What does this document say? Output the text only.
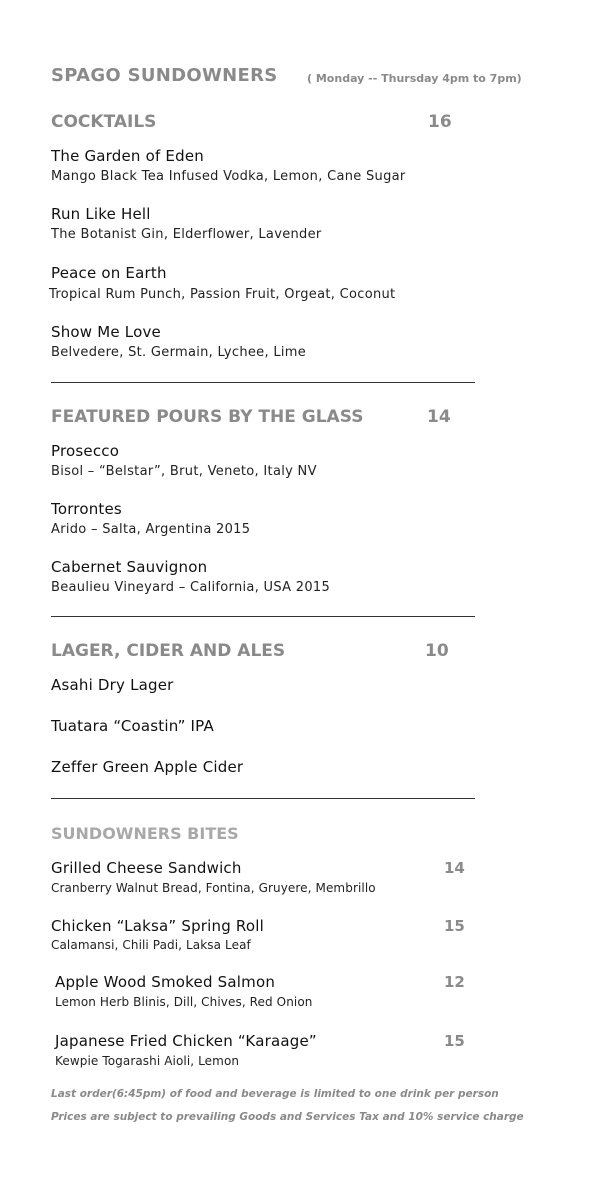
SPAGO SUNDOWNERS	( Monday -- Thursday 4pm to 7pm)
COCKTAILS	16
The Garden of Eden
Mango Black Tea Infused Vodka, Lemon, Cane Sugar
Run Like Hell
The Botanist Gin, Elderflower, Lavender
Peace on Earth
Tropical Rum Punch, Passion Fruit, Orgeat, Coconut
Show Me Love
Belvedere, St. Germain, Lychee, Lime
FEATURED POURS BY THE GLASS	14
Prosecco
Bisol – “Belstar”, Brut, Veneto, Italy NV
Torrontes
Arido – Salta, Argentina 2015
Cabernet Sauvignon
Beaulieu Vineyard – California, USA 2015
LAGER, CIDER AND ALES	10
Asahi Dry Lager
Tuatara “Coastin” IPA
Zeffer Green Apple Cider
SUNDOWNERS BITES
Grilled Cheese Sandwich	14
Cranberry Walnut Bread, Fontina, Gruyere, Membrillo
Chicken “Laksa” Spring Roll	15
Calamansi, Chili Padi, Laksa Leaf
Apple Wood Smoked Salmon	12
Lemon Herb Blinis, Dill, Chives, Red Onion
Japanese Fried Chicken “Karaage”	15
Kewpie Togarashi Aioli, Lemon
Last order(6:45pm) of food and beverage is limited to one drink per person
Prices are subject to prevailing Goods and Services Tax and 10% service charge
